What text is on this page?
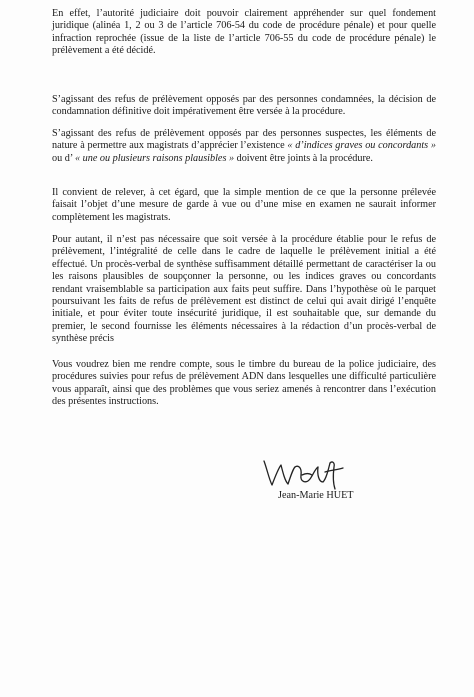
En effet, l’autorité judiciaire doit pouvoir clairement appréhender sur quel fondement juridique (alinéa 1, 2 ou 3 de l’article 706-54 du code de procédure pénale) et pour quelle infraction reprochée (issue de la liste de l’article 706-55 du code de procédure pénale) le prélèvement a été décidé.

S’agissant des refus de prélèvement opposés par des personnes condamnées, la décision de condamnation définitive doit impérativement être versée à la procédure.

S’agissant des refus de prélèvement opposés par des personnes suspectes, les éléments de nature à permettre aux magistrats d’apprécier l’existence « d’indices graves ou concordants » ou d’ « une ou plusieurs raisons plausibles » doivent être joints à la procédure.

Il convient de relever, à cet égard, que la simple mention de ce que la personne prélevée faisait l’objet d’une mesure de garde à vue ou d’une mise en examen ne saurait informer complètement les magistrats.

Pour autant, il n’est pas nécessaire que soit versée à la procédure établie pour le refus de prélèvement, l’intégralité de celle dans le cadre de laquelle le prélèvement initial a été effectué. Un procès-verbal de synthèse suffisamment détaillé permettant de caractériser la ou les raisons plausibles de soupçonner la personne, ou les indices graves ou concordants rendant vraisemblable sa participation aux faits peut suffire. Dans l’hypothèse où le parquet poursuivant les faits de refus de prélèvement est distinct de celui qui avait dirigé l’enquête initiale, et pour éviter toute insécurité juridique, il est souhaitable que, sur demande du premier, le second fournisse les éléments nécessaires à la rédaction d’un procès-verbal de synthèse précis

Vous voudrez bien me rendre compte, sous le timbre du bureau de la police judiciaire, des procédures suivies pour refus de prélèvement ADN dans lesquelles une difficulté particulière vous apparaît, ainsi que des problèmes que vous seriez amenés à rencontrer dans l’exécution des présentes instructions.

Jean-Marie HUET
